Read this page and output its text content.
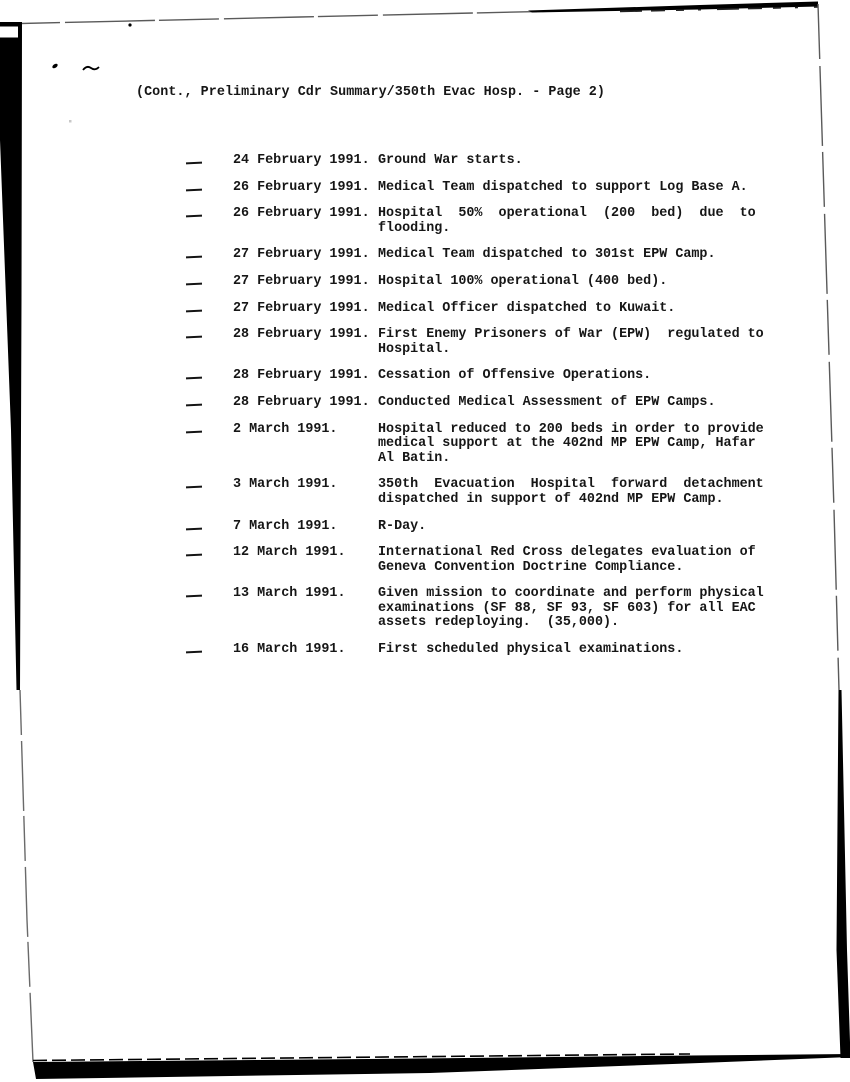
(Cont., Preliminary Cdr Summary/350th Evac Hosp. - Page 2)
24 February 1991. Ground War starts.
26 February 1991. Medical Team dispatched to support Log Base A.
26 February 1991. Hospital  50%  operational  (200  bed)  due  to
flooding.
27 February 1991. Medical Team dispatched to 301st EPW Camp.
27 February 1991. Hospital 100% operational (400 bed).
27 February 1991. Medical Officer dispatched to Kuwait.
28 February 1991. First Enemy Prisoners of War (EPW)  regulated to
Hospital.
28 February 1991. Cessation of Offensive Operations.
28 February 1991. Conducted Medical Assessment of EPW Camps.
2 March 1991.	Hospital reduced to 200 beds in order to provide
medical support at the 402nd MP EPW Camp, Hafar
Al Batin.
3 March 1991.	350th  Evacuation  Hospital  forward  detachment
dispatched in support of 402nd MP EPW Camp.
7 March 1991.	R-Day.
12 March 1991. International Red Cross delegates evaluation of
Geneva Convention Doctrine Compliance.
13 March 1991. Given mission to coordinate and perform physical
examinations (SF 88, SF 93, SF 603) for all EAC
assets redeploying.  (35,000).
16 March 1991. First scheduled physical examinations.
